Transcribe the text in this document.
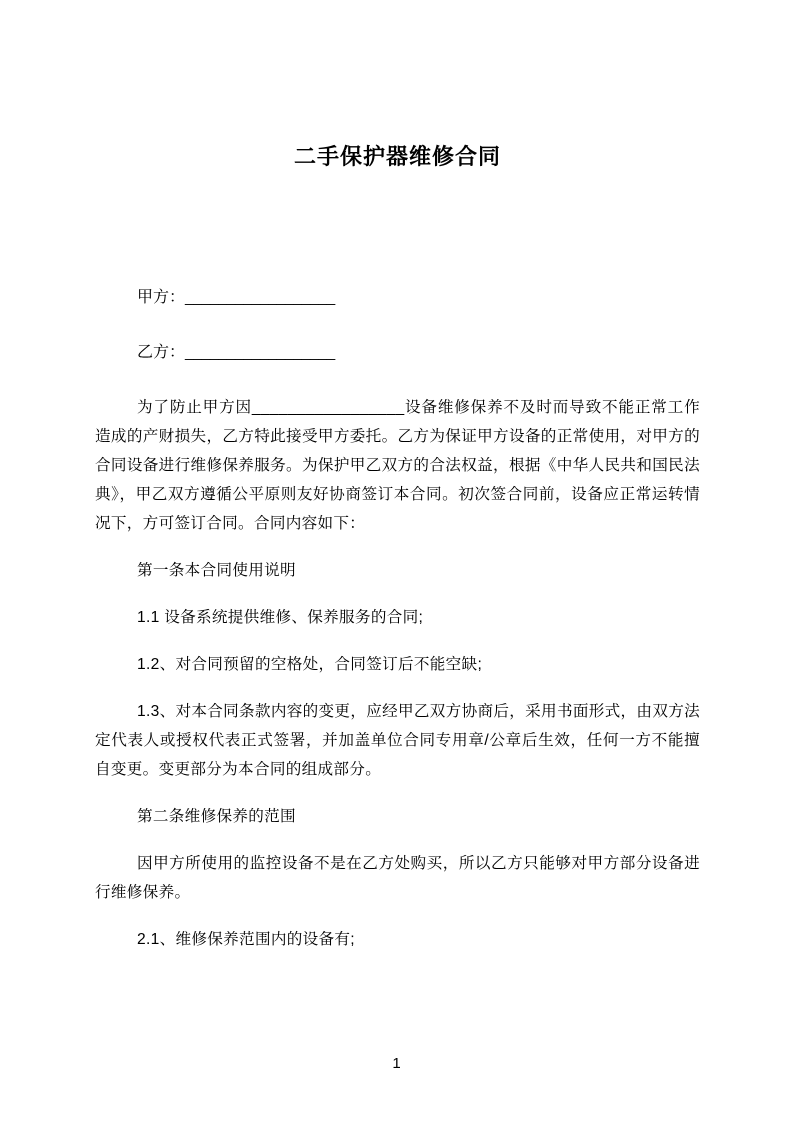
二手保护器维修合同

甲方：__________________

乙方：__________________

为了防止甲方因_________________设备维修保养不及时而导致不能正常工作造成的产财损失，乙方特此接受甲方委托。乙方为保证甲方设备的正常使用，对甲方的合同设备进行维修保养服务。为保护甲乙双方的合法权益，根据《中华人民共和国民法典》，甲乙双方遵循公平原则友好协商签订本合同。初次签合同前，设备应正常运转情况下，方可签订合同。合同内容如下：

第一条本合同使用说明

1.1 设备系统提供维修、保养服务的合同;

1.2、对合同预留的空格处，合同签订后不能空缺;

1.3、对本合同条款内容的变更，应经甲乙双方协商后，采用书面形式，由双方法定代表人或授权代表正式签署，并加盖单位合同专用章/公章后生效，任何一方不能擅自变更。变更部分为本合同的组成部分。

第二条维修保养的范围

因甲方所使用的监控设备不是在乙方处购买，所以乙方只能够对甲方部分设备进行维修保养。

2.1、维修保养范围内的设备有;

1
